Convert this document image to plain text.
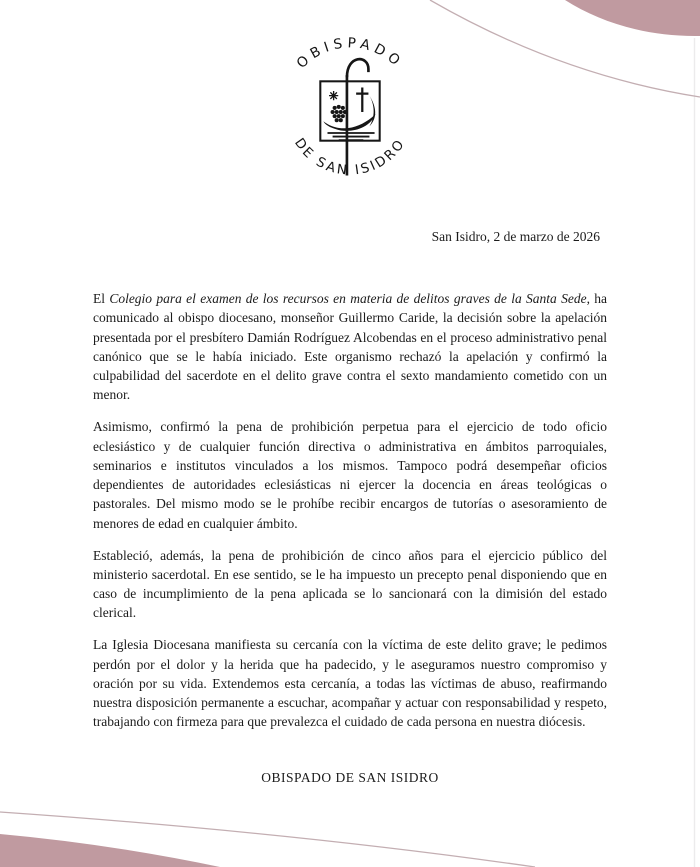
OBISPADO
DE SAN ISIDRO
San Isidro, 2 de marzo de 2026

El Colegio para el examen de los recursos en materia de delitos graves de la Santa Sede, ha comunicado al obispo diocesano, monseñor Guillermo Caride, la decisión sobre la apelación presentada por el presbítero Damián Rodríguez Alcobendas en el proceso administrativo penal canónico que se le había iniciado. Este organismo rechazó la apelación y confirmó la culpabilidad del sacerdote en el delito grave contra el sexto mandamiento cometido con un menor.

Asimismo, confirmó la pena de prohibición perpetua para el ejercicio de todo oficio eclesiástico y de cualquier función directiva o administrativa en ámbitos parroquiales, seminarios e institutos vinculados a los mismos. Tampoco podrá desempeñar oficios dependientes de autoridades eclesiásticas ni ejercer la docencia en áreas teológicas o pastorales. Del mismo modo se le prohíbe recibir encargos de tutorías o asesoramiento de menores de edad en cualquier ámbito.

Estableció, además, la pena de prohibición de cinco años para el ejercicio público del ministerio sacerdotal. En ese sentido, se le ha impuesto un precepto penal disponiendo que en caso de incumplimiento de la pena aplicada se lo sancionará con la dimisión del estado clerical.

La Iglesia Diocesana manifiesta su cercanía con la víctima de este delito grave; le pedimos perdón por el dolor y la herida que ha padecido, y le aseguramos nuestro compromiso y oración por su vida. Extendemos esta cercanía, a todas las víctimas de abuso, reafirmando nuestra disposición permanente a escuchar, acompañar y actuar con responsabilidad y respeto, trabajando con firmeza para que prevalezca el cuidado de cada persona en nuestra diócesis.

OBISPADO DE SAN ISIDRO
